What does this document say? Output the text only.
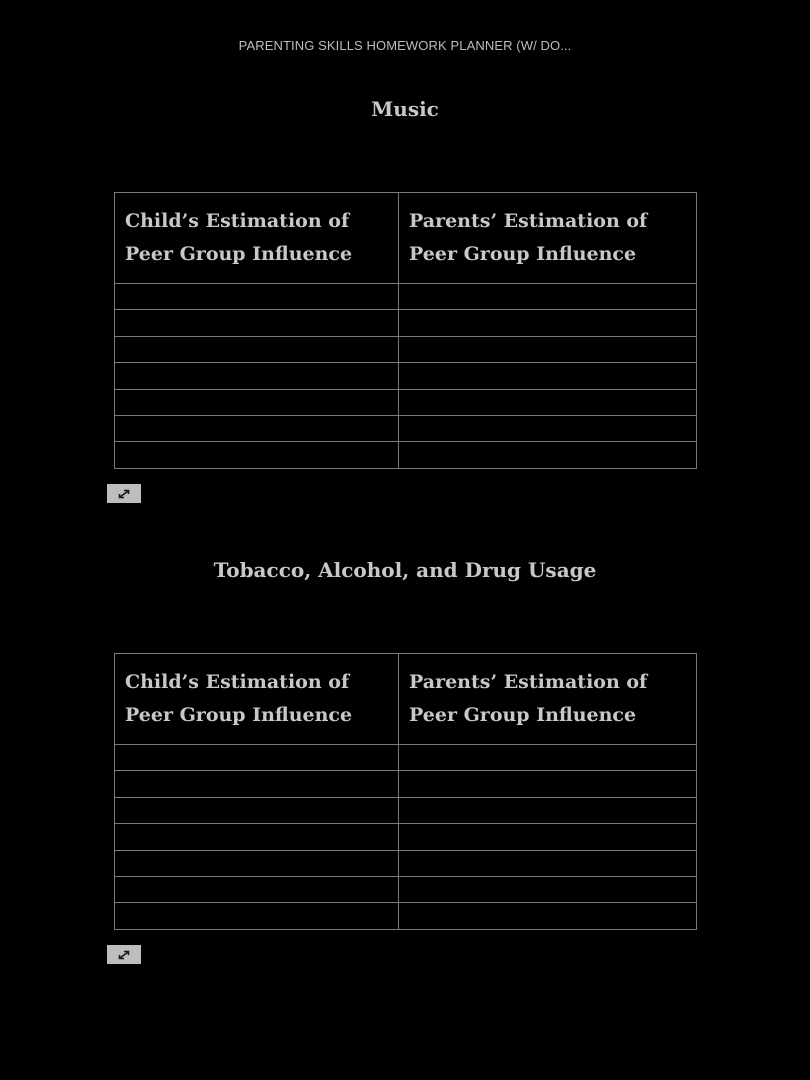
PARENTING SKILLS HOMEWORK PLANNER (W/ DO...
Music
Child’s Estimation of Peer Group Influence	Parents’ Estimation of Peer Group Influence

Tobacco, Alcohol, and Drug Usage
Child’s Estimation of Peer Group Influence	Parents’ Estimation of Peer Group Influence
